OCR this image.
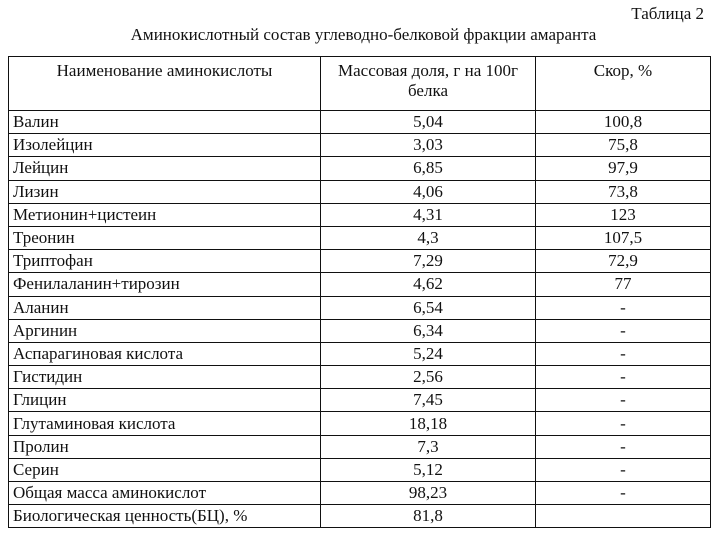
Таблица 2
Аминокислотный состав углеводно-белковой фракции амаранта
Наименование аминокислоты	Массовая доля, г на 100г белка	Скор, %
Валин	5,04	100,8
Изолейцин	3,03	75,8
Лейцин	6,85	97,9
Лизин	4,06	73,8
Метионин+цистеин	4,31	123
Треонин	4,3	107,5
Триптофан	7,29	72,9
Фенилаланин+тирозин	4,62	77
Аланин	6,54	-
Аргинин	6,34	-
Аспарагиновая кислота	5,24	-
Гистидин	2,56	-
Глицин	7,45	-
Глутаминовая кислота	18,18	-
Пролин	7,3	-
Серин	5,12	-
Общая масса аминокислот	98,23	-
Биологическая ценность(БЦ), %	81,8	
